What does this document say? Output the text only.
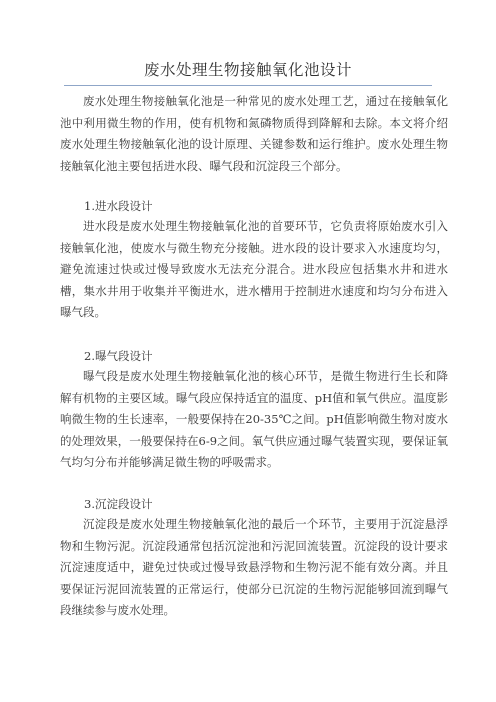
废水处理生物接触氧化池设计

废水处理生物接触氧化池是一种常见的废水处理工艺，通过在接触氧化池中利用微生物的作用，使有机物和氮磷物质得到降解和去除。本文将介绍废水处理生物接触氧化池的设计原理、关键参数和运行维护。废水处理生物接触氧化池主要包括进水段、曝气段和沉淀段三个部分。

1.进水段设计

进水段是废水处理生物接触氧化池的首要环节，它负责将原始废水引入接触氧化池，使废水与微生物充分接触。进水段的设计要求入水速度均匀，避免流速过快或过慢导致废水无法充分混合。进水段应包括集水井和进水槽，集水井用于收集并平衡进水，进水槽用于控制进水速度和均匀分布进入曝气段。

2.曝气段设计

曝气段是废水处理生物接触氧化池的核心环节，是微生物进行生长和降解有机物的主要区域。曝气段应保持适宜的温度、pH值和氧气供应。温度影响微生物的生长速率，一般要保持在20-35℃之间。pH值影响微生物对废水的处理效果，一般要保持在6-9之间。氧气供应通过曝气装置实现，要保证氧气均匀分布并能够满足微生物的呼吸需求。

3.沉淀段设计

沉淀段是废水处理生物接触氧化池的最后一个环节，主要用于沉淀悬浮物和生物污泥。沉淀段通常包括沉淀池和污泥回流装置。沉淀段的设计要求沉淀速度适中，避免过快或过慢导致悬浮物和生物污泥不能有效分离。并且要保证污泥回流装置的正常运行，使部分已沉淀的生物污泥能够回流到曝气段继续参与废水处理。
